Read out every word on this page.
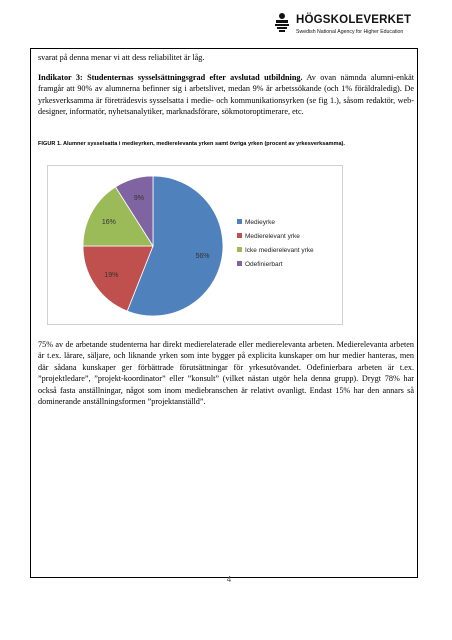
HÖGSKOLEVERKET
Swedish National Agency for Higher Education
svarat på denna menar vi att dess reliabilitet är låg.
Indikator 3: Studenternas sysselsättningsgrad efter avslutad utbildning. Av ovan nämnda alumni-enkät framgår att 90% av alumnerna befinner sig i arbetslivet, medan 9% är arbetssökande (och 1% föräldraledig). De yrkesverksamma är företrädesvis sysselsatta i medie- och kommunikationsyrken (se fig 1.), såsom redaktör, web-designer, informatör, nyhetsanalytiker, marknadsförare, sökmotoroptimerare, etc.
FIGUR 1. Alumner sysselsatta i medieyrken, medierelevanta yrken samt övriga yrken (procent av yrkesverksamma).
56%
19%
16%
9%
Medieyrke
Medierelevant yrke
Icke medierelevant yrke
Odefinierbart
75% av de arbetande studenterna har direkt medierelaterade eller medierelevanta arbeten. Medierelevanta arbeten är t.ex. lärare, säljare, och liknande yrken som inte bygger på explicita kunskaper om hur medier hanteras, men där sådana kunskaper ger förbättrade förutsättningar för yrkesutövandet. Odefinierbara arbeten är t.ex. ”projektledare”, ”projekt-koordinator” eller ”konsult” (vilket nästan utgör hela denna grupp). Drygt 78% har också fasta anställningar, något som inom mediebranschen är relativt ovanligt. Endast 15% har den annars så dominerande anställningsformen ”projektanställd”.
4
